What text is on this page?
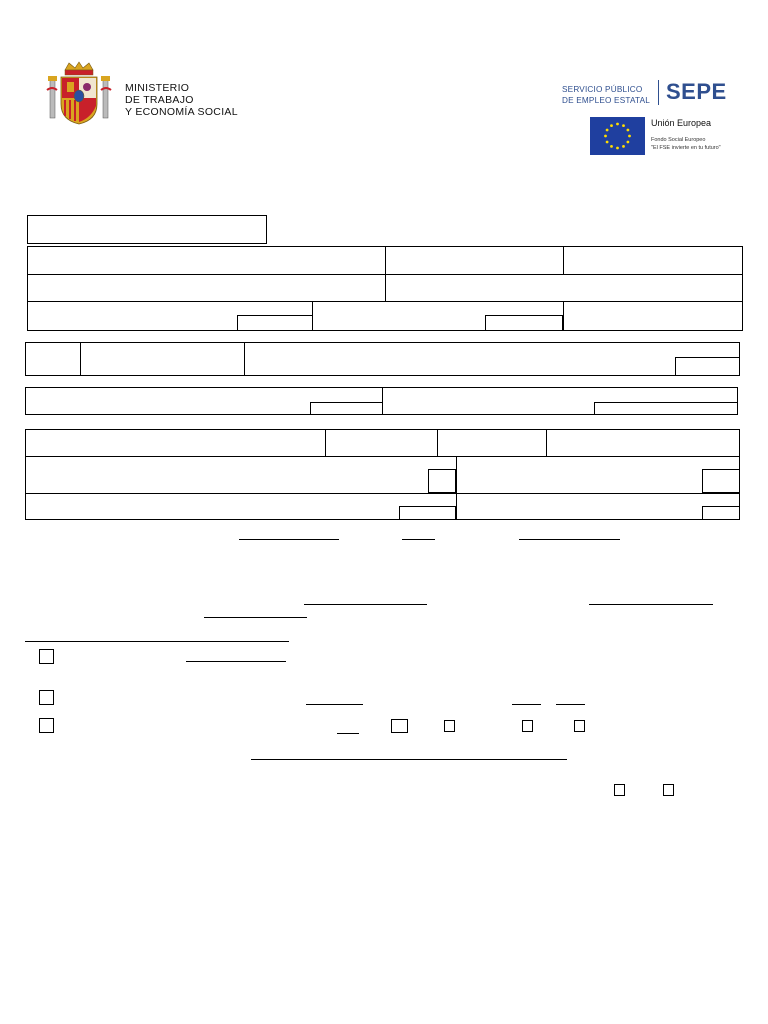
MINISTERIO
DE TRABAJO
Y ECONOMÍA SOCIAL
SERVICIO PÚBLICO
DE EMPLEO ESTATAL SEPE
Unión Europea
Fondo Social Europeo
"El FSE invierte en tu futuro"
